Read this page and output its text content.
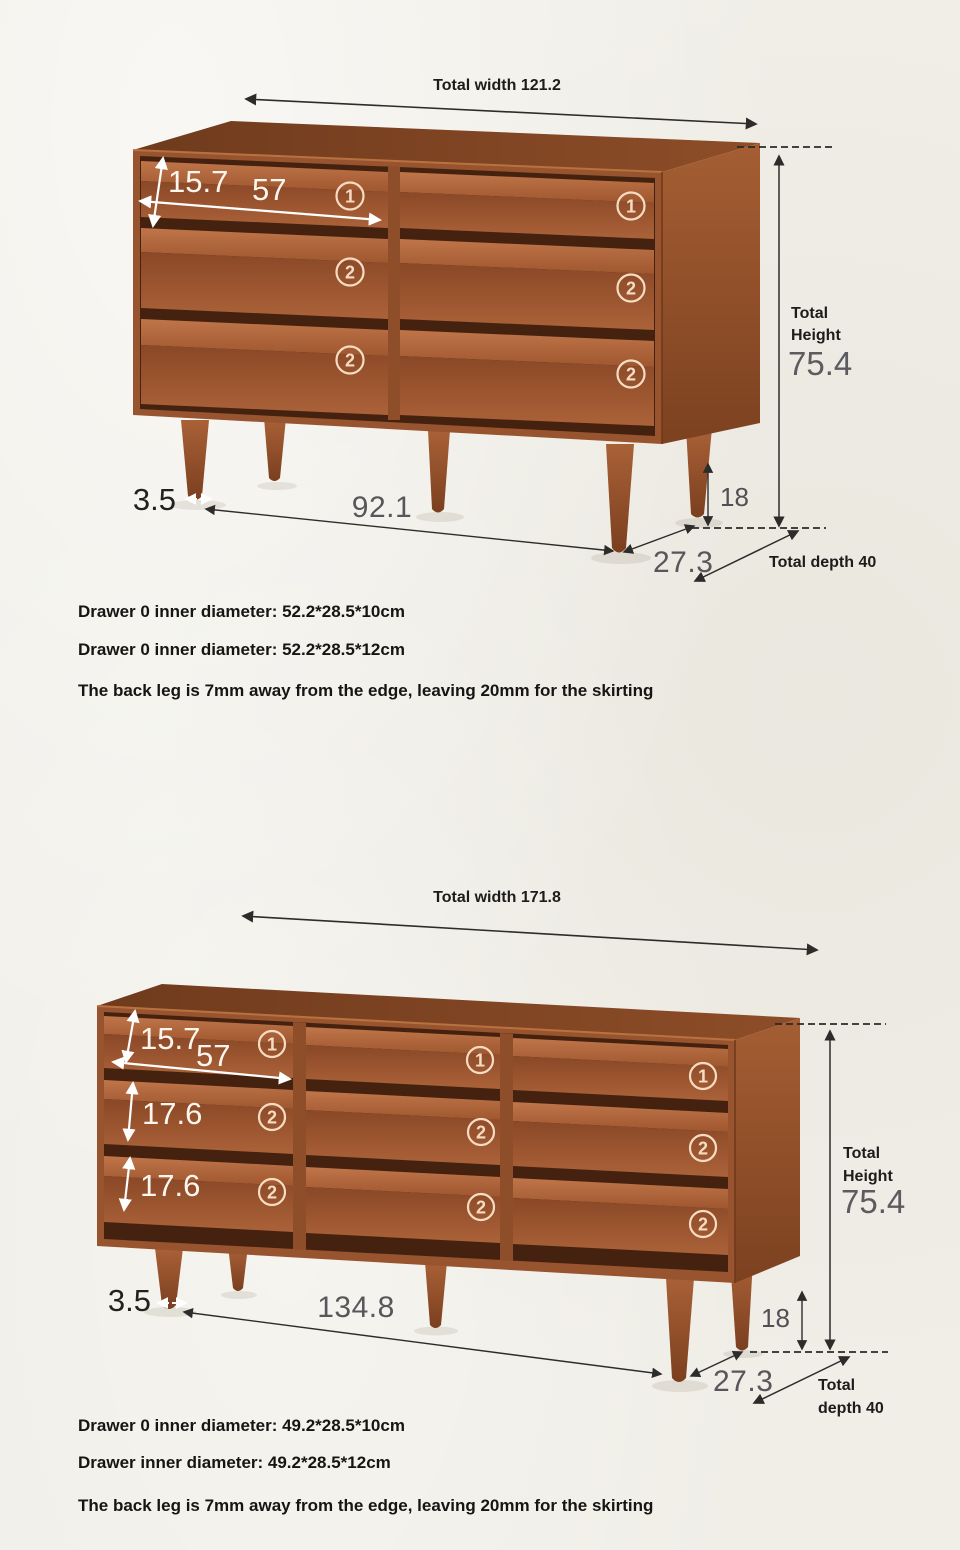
Total width 121.2
1
2
2
1
2
2
15.7 57
3.5	92.1	18
Total
Height
75.4
27.3	Total depth 40
Drawer 0 inner diameter: 52.2*28.5*10cm
Drawer 0 inner diameter: 52.2*28.5*12cm
The back leg is 7mm away from the edge, leaving 20mm for the skirting
Total width 171.8
1
2
2
1
2
2
1
2
2
15.7
57
17.6
17.6
3.5	134.8	18
Total
Height
75.4
27.3	Total
depth 40
Drawer 0 inner diameter: 49.2*28.5*10cm
Drawer inner diameter: 49.2*28.5*12cm
The back leg is 7mm away from the edge, leaving 20mm for the skirting
